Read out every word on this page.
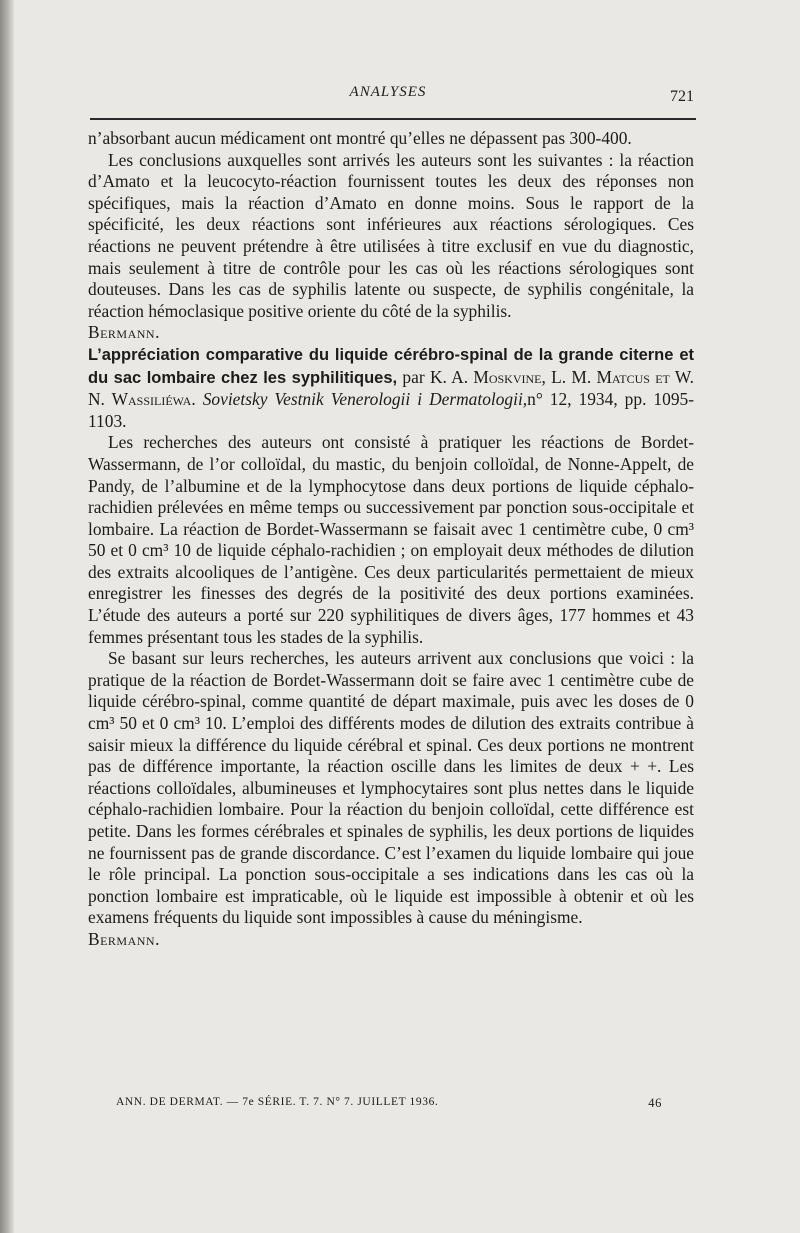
ANALYSES	721

n’absorbant aucun médicament ont montré qu’elles ne dépassent pas 300-400.

Les conclusions auxquelles sont arrivés les auteurs sont les suivantes : la réaction d’Amato et la leucocyto-réaction fournissent toutes les deux des réponses non spécifiques, mais la réaction d’Amato en donne moins. Sous le rapport de la spécificité, les deux réactions sont inférieures aux réactions sérologiques. Ces réactions ne peuvent prétendre à être utilisées à titre exclusif en vue du diagnostic, mais seulement à titre de contrôle pour les cas où les réactions sérologiques sont douteuses. Dans les cas de syphilis latente ou suspecte, de syphilis congénitale, la réaction hémoclasique positive oriente du côté de la syphilis.

Bermann.

L’appréciation comparative du liquide cérébro-spinal de la grande citerne et du sac lombaire chez les syphilitiques, par K. A. Moskvine, L. M. Matcus et W. N. Wassiliéwa. Sovietsky Vestnik Venerologii i Dermatologii,n° 12, 1934, pp. 1095-1103.

Les recherches des auteurs ont consisté à pratiquer les réactions de Bordet-Wassermann, de l’or colloïdal, du mastic, du benjoin colloïdal, de Nonne-Appelt, de Pandy, de l’albumine et de la lymphocytose dans deux portions de liquide céphalo-rachidien prélevées en même temps ou successivement par ponction sous-occipitale et lombaire. La réaction de Bordet-Wassermann se faisait avec 1 centimètre cube, 0 cm³ 50 et 0 cm³ 10 de liquide céphalo-rachidien ; on employait deux méthodes de dilution des extraits alcooliques de l’antigène. Ces deux particularités permettaient de mieux enregistrer les finesses des degrés de la positivité des deux portions examinées. L’étude des auteurs a porté sur 220 syphilitiques de divers âges, 177 hommes et 43 femmes présentant tous les stades de la syphilis.

Se basant sur leurs recherches, les auteurs arrivent aux conclusions que voici : la pratique de la réaction de Bordet-Wassermann doit se faire avec 1 centimètre cube de liquide cérébro-spinal, comme quantité de départ maximale, puis avec les doses de 0 cm³ 50 et 0 cm³ 10. L’emploi des différents modes de dilution des extraits contribue à saisir mieux la différence du liquide cérébral et spinal. Ces deux portions ne montrent pas de différence importante, la réaction oscille dans les limites de deux + +. Les réactions colloïdales, albumineuses et lymphocytaires sont plus nettes dans le liquide céphalo-rachidien lombaire. Pour la réaction du benjoin colloïdal, cette différence est petite. Dans les formes cérébrales et spinales de syphilis, les deux portions de liquides ne fournissent pas de grande discordance. C’est l’examen du liquide lombaire qui joue le rôle principal. La ponction sous-occipitale a ses indications dans les cas où la ponction lombaire est impraticable, où le liquide est impossible à obtenir et où les examens fréquents du liquide sont impossibles à cause du méningisme.

Bermann.

ANN. DE DERMAT. — 7e SÉRIE. T. 7. N° 7. JUILLET 1936.	46
